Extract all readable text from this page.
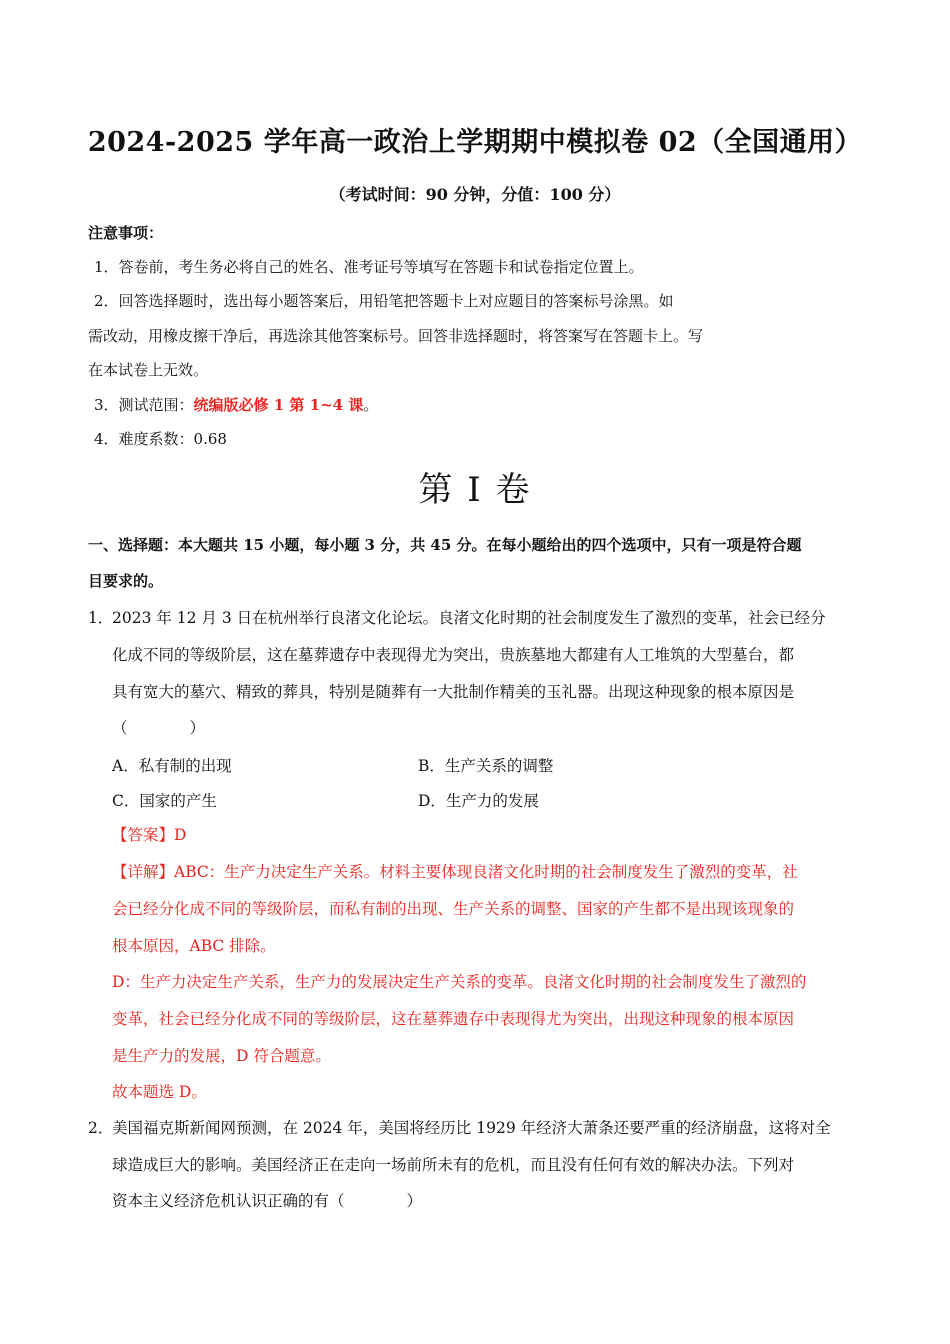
2024-2025 学年高一政治上学期期中模拟卷 02（全国通用）
（考试时间：90 分钟，分值：100 分）
注意事项：
1．答卷前，考生务必将自己的姓名、准考证号等填写在答题卡和试卷指定位置上。
2．回答选择题时，选出每小题答案后，用铅笔把答题卡上对应题目的答案标号涂黑。如
需改动，用橡皮擦干净后，再选涂其他答案标号。回答非选择题时，将答案写在答题卡上。写
在本试卷上无效。
3．测试范围：统编版必修 1 第 1~4 课。
4．难度系数：0.68
第 I 卷
一、选择题：本大题共 15 小题，每小题 3 分，共 45 分。在每小题给出的四个选项中，只有一项是符合题
目要求的。
1．
2023 年 12 月 3 日在杭州举行良渚文化论坛。良渚文化时期的社会制度发生了激烈的变革，社会已经分
化成不同的等级阶层，这在墓葬遗存中表现得尤为突出，贵族墓地大都建有人工堆筑的大型墓台，都
具有宽大的墓穴、精致的葬具，特别是随葬有一大批制作精美的玉礼器。出现这种现象的根本原因是
（　　　　）
A．私有制的出现	B．生产关系的调整
C．国家的产生	D．生产力的发展
【答案】D
【详解】ABC：生产力决定生产关系。材料主要体现良渚文化时期的社会制度发生了激烈的变革，社
会已经分化成不同的等级阶层，而私有制的出现、生产关系的调整、国家的产生都不是出现该现象的
根本原因，ABC 排除。
D：生产力决定生产关系，生产力的发展决定生产关系的变革。良渚文化时期的社会制度发生了激烈的
变革，社会已经分化成不同的等级阶层，这在墓葬遗存中表现得尤为突出，出现这种现象的根本原因
是生产力的发展，D 符合题意。
故本题选 D。
2．
美国福克斯新闻网预测，在 2024 年，美国将经历比 1929 年经济大萧条还要严重的经济崩盘，这将对全
球造成巨大的影响。美国经济正在走向一场前所未有的危机，而且没有任何有效的解决办法。下列对
资本主义经济危机认识正确的有（　　　　）
